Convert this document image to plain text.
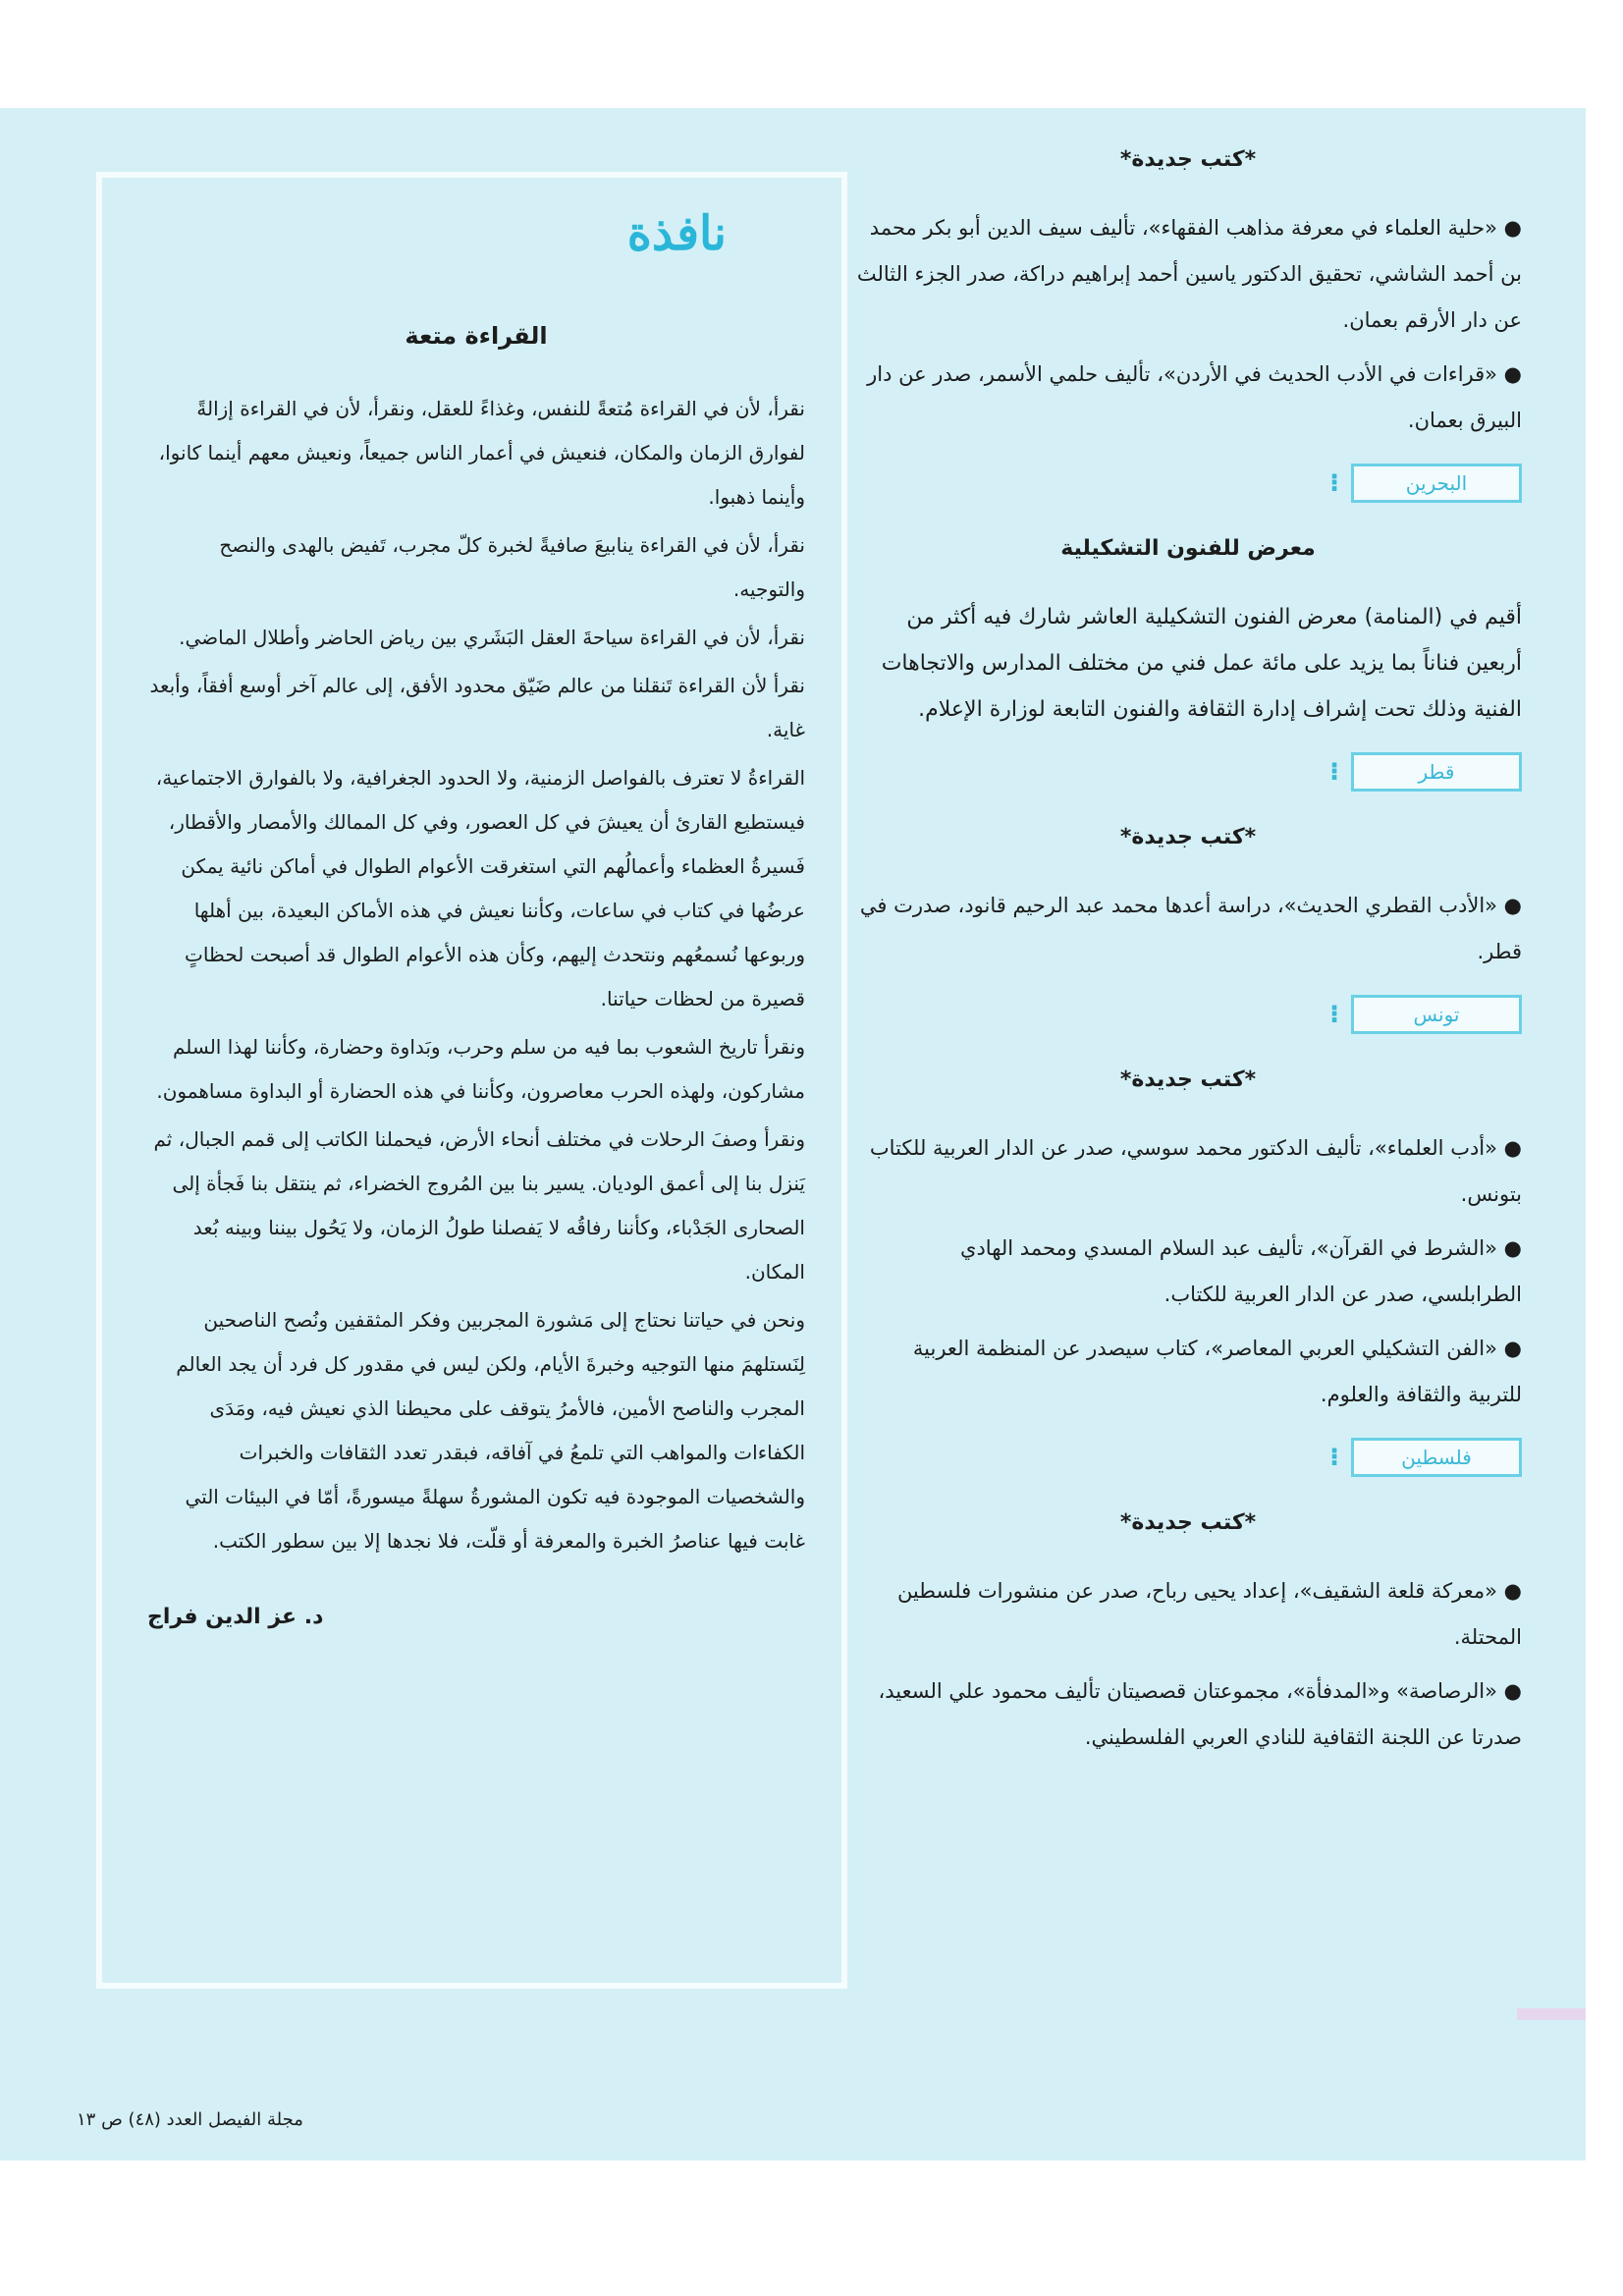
*كتب جديدة*
● «حلية العلماء في معرفة مذاهب الفقهاء»، تأليف سيف الدين أبو بكر محمد بن أحمد الشاشي، تحقيق الدكتور ياسين أحمد إبراهيم دراكة، صدر الجزء الثالث عن دار الأرقم بعمان.
● «قراءات في الأدب الحديث في الأردن»، تأليف حلمي الأسمر، صدر عن دار البيرق بعمان.
⁝	البحرين
معرض للفنون التشكيلية
أقيم في (المنامة) معرض الفنون التشكيلية العاشر شارك فيه أكثر من أربعين فناناً بما يزيد على مائة عمل فني من مختلف المدارس والاتجاهات الفنية وذلك تحت إشراف إدارة الثقافة والفنون التابعة لوزارة الإعلام.
⁝	قطر
*كتب جديدة*
● «الأدب القطري الحديث»، دراسة أعدها محمد عبد الرحيم قانود، صدرت في قطر.
⁝	تونس
*كتب جديدة*
● «أدب العلماء»، تأليف الدكتور محمد سوسي، صدر عن الدار العربية للكتاب بتونس.
● «الشرط في القرآن»، تأليف عبد السلام المسدي ومحمد الهادي الطرابلسي، صدر عن الدار العربية للكتاب.
● «الفن التشكيلي العربي المعاصر»، كتاب سيصدر عن المنظمة العربية للتربية والثقافة والعلوم.
⁝	فلسطين
*كتب جديدة*
● «معركة قلعة الشقيف»، إعداد يحيى رباح، صدر عن منشورات فلسطين المحتلة.
● «الرصاصة» و«المدفأة»، مجموعتان قصصيتان تأليف محمود علي السعيد، صدرتا عن اللجنة الثقافية للنادي العربي الفلسطيني.
نافذة
القراءة متعة
نقرأ، لأن في القراءة مُتعةً للنفس، وغذاءً للعقل، ونقرأ، لأن في القراءة إزالةً لفوارق الزمان والمكان، فنعيش في أعمار الناس جميعاً، ونعيش معهم أينما كانوا، وأينما ذهبوا.
نقرأ، لأن في القراءة ينابيعَ صافيةً لخبرة كلّ مجرب، تَفيض بالهدى والنصح والتوجيه.
نقرأ، لأن في القراءة سياحةَ العقل البَشَري بين رياض الحاضر وأطلال الماضي.
نقرأ لأن القراءة تَنقلنا من عالم ضَيّق محدود الأفق، إلى عالم آخر أوسع أفقاً، وأبعد غاية.
القراءةُ لا تعترف بالفواصل الزمنية، ولا الحدود الجغرافية، ولا بالفوارق الاجتماعية، فيستطيع القارئ أن يعيشَ في كل العصور، وفي كل الممالك والأمصار والأقطار، فَسيرةُ العظماء وأعمالُهم التي استغرقت الأعوام الطوال في أماكن نائية يمكن عرضُها في كتاب في ساعات، وكأننا نعيش في هذه الأماكن البعيدة، بين أهلها وربوعها نُسمعُهم ونتحدث إليهم، وكأن هذه الأعوام الطوال قد أصبحت لحظاتٍ قصيرة من لحظات حياتنا.
ونقرأ تاريخ الشعوب بما فيه من سلم وحرب، وبَداوة وحضارة، وكأننا لهذا السلم مشاركون، ولهذه الحرب معاصرون، وكأننا في هذه الحضارة أو البداوة مساهمون.
ونقرأ وصفَ الرحلات في مختلف أنحاء الأرض، فيحملنا الكاتب إلى قمم الجبال، ثم يَنزل بنا إلى أعمق الوديان. يسير بنا بين المُروج الخضراء، ثم ينتقل بنا فَجأة إلى الصحارى الجَدْباء، وكأننا رفاقُه لا يَفصلنا طولُ الزمان، ولا يَحُول بيننا وبينه بُعد المكان.
ونحن في حياتنا نحتاج إلى مَشورة المجربين وفكر المثقفين ونُصح الناصحين لِنَستلهمَ منها التوجيه وخبرةَ الأيام، ولكن ليس في مقدور كل فرد أن يجد العالم المجرب والناصح الأمين، فالأمرُ يتوقف على محيطنا الذي نعيش فيه، ومَدَى الكفاءات والمواهب التي تلمعُ في آفاقه، فبقدر تعدد الثقافات والخبرات والشخصيات الموجودة فيه تكون المشورةُ سهلةً ميسورةً، أمّا في البيئات التي غابت فيها عناصرُ الخبرة والمعرفة أو قلّت، فلا نجدها إلا بين سطور الكتب.
د. عز الدين فراج
مجلة الفيصل العدد (٤٨) ص ١٣
